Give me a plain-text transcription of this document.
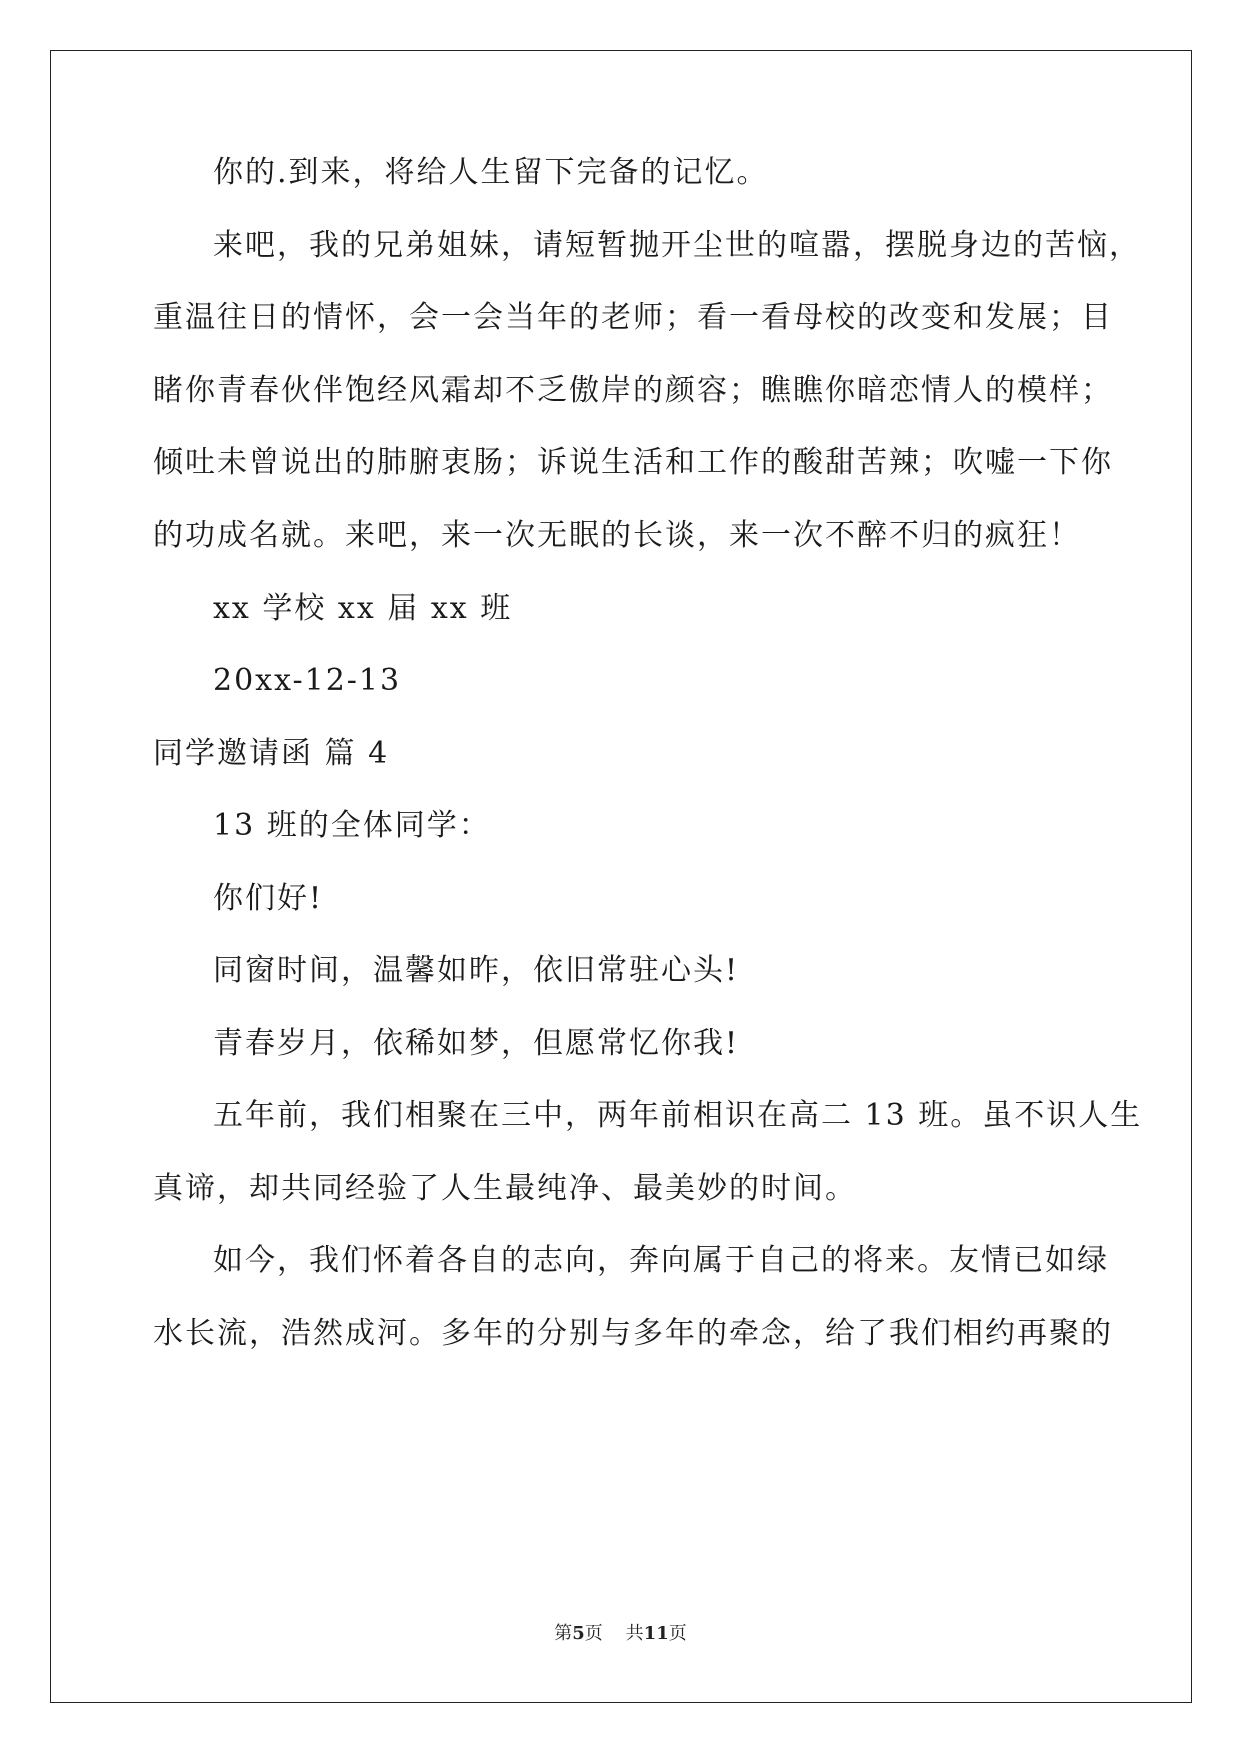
你的.到来，将给人生留下完备的记忆。
来吧，我的兄弟姐妹，请短暂抛开尘世的喧嚣，摆脱身边的苦恼，
重温往日的情怀，会一会当年的老师；看一看母校的改变和发展；目
睹你青春伙伴饱经风霜却不乏傲岸的颜容；瞧瞧你暗恋情人的模样；
倾吐未曾说出的肺腑衷肠；诉说生活和工作的酸甜苦辣；吹嘘一下你
的功成名就。来吧，来一次无眠的长谈，来一次不醉不归的疯狂！
xx 学校 xx 届 xx 班
20xx-12-13
同学邀请函 篇 4
13 班的全体同学：
你们好!
同窗时间，温馨如昨，依旧常驻心头!
青春岁月，依稀如梦，但愿常忆你我!
五年前，我们相聚在三中，两年前相识在高二 13 班。虽不识人生
真谛，却共同经验了人生最纯净、最美妙的时间。
如今，我们怀着各自的志向，奔向属于自己的将来。友情已如绿
水长流，浩然成河。多年的分别与多年的牵念，给了我们相约再聚的
第5页 共11页
